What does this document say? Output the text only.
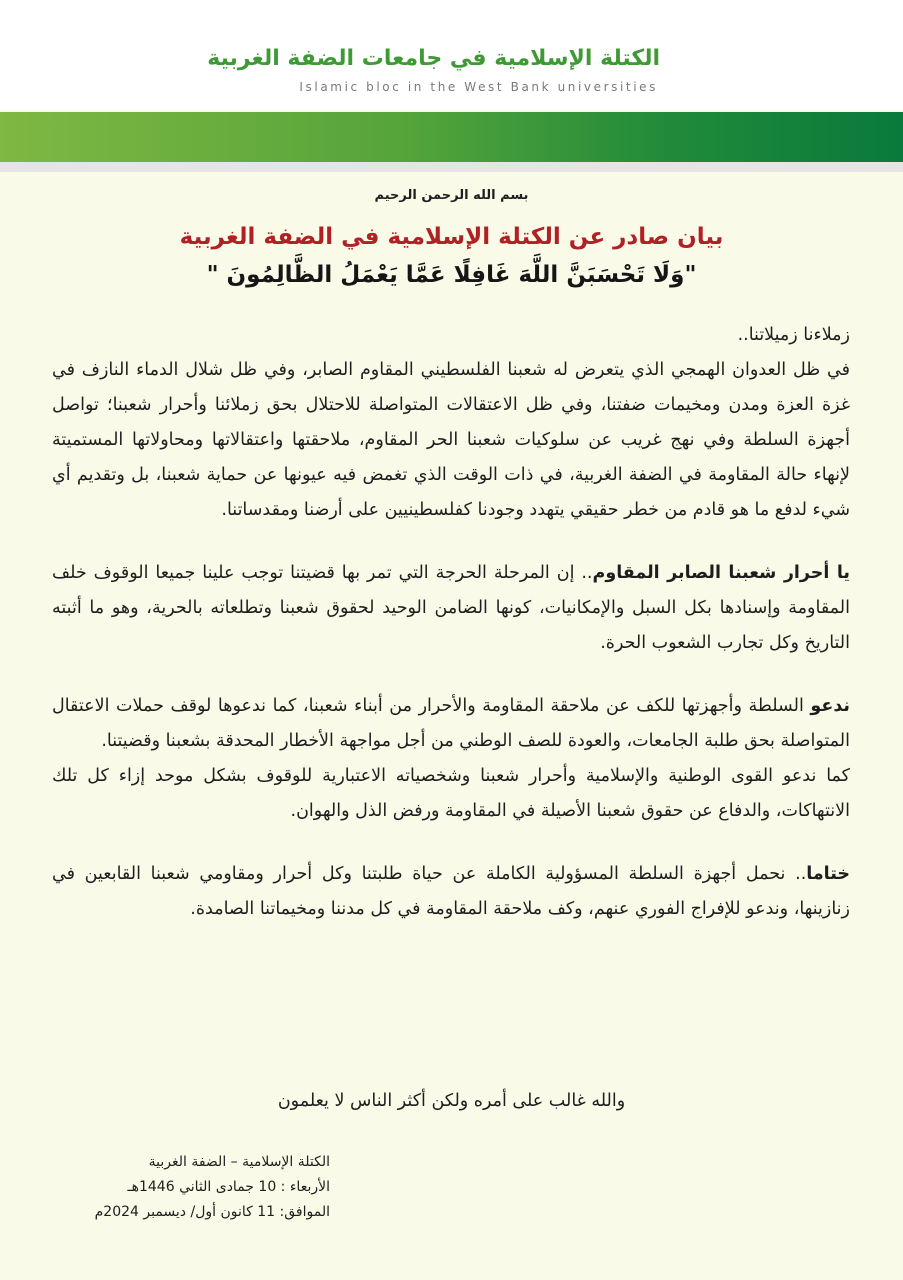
الكتلة الإسلامية في جامعات الضفة الغربية
Islamic bloc in the West Bank universities
بسم الله الرحمن الرحيم
بيان صادر عن الكتلة الإسلامية في الضفة الغربية
"وَلَا تَحْسَبَنَّ اللَّهَ غَافِلًا عَمَّا يَعْمَلُ الظَّالِمُونَ "

زملاءنا زميلاتنا..

في ظل العدوان الهمجي الذي يتعرض له شعبنا الفلسطيني المقاوم الصابر، وفي ظل شلال الدماء النازف في غزة العزة ومدن ومخيمات ضفتنا، وفي ظل الاعتقالات المتواصلة للاحتلال بحق زملائنا وأحرار شعبنا؛ تواصل أجهزة السلطة وفي نهج غريب عن سلوكيات شعبنا الحر المقاوم، ملاحقتها واعتقالاتها ومحاولاتها المستميتة لإنهاء حالة المقاومة في الضفة الغربية، في ذات الوقت الذي تغمض فيه عيونها عن حماية شعبنا، بل وتقديم أي شيء لدفع ما هو قادم من خطر حقيقي يتهدد وجودنا كفلسطينيين على أرضنا ومقدساتنا.

يا أحرار شعبنا الصابر المقاوم.. إن المرحلة الحرجة التي تمر بها قضيتنا توجب علينا جميعا الوقوف خلف المقاومة وإسنادها بكل السبل والإمكانيات، كونها الضامن الوحيد لحقوق شعبنا وتطلعاته بالحرية، وهو ما أثبته التاريخ وكل تجارب الشعوب الحرة.

ندعو السلطة وأجهزتها للكف عن ملاحقة المقاومة والأحرار من أبناء شعبنا، كما ندعوها لوقف حملات الاعتقال المتواصلة بحق طلبة الجامعات، والعودة للصف الوطني من أجل مواجهة الأخطار المحدقة بشعبنا وقضيتنا.

كما ندعو القوى الوطنية والإسلامية وأحرار شعبنا وشخصياته الاعتبارية للوقوف بشكل موحد إزاء كل تلك الانتهاكات، والدفاع عن حقوق شعبنا الأصيلة في المقاومة ورفض الذل والهوان.

ختاما.. نحمل أجهزة السلطة المسؤولية الكاملة عن حياة طلبتنا وكل أحرار ومقاومي شعبنا القابعين في زنازينها، وندعو للإفراج الفوري عنهم، وكف ملاحقة المقاومة في كل مدننا ومخيماتنا الصامدة.

والله غالب على أمره ولكن أكثر الناس لا يعلمون
الكتلة الإسلامية – الضفة الغربية
الأربعاء : 10 جمادى الثاني 1446هـ
الموافق: 11 كانون أول/ ديسمبر 2024م
